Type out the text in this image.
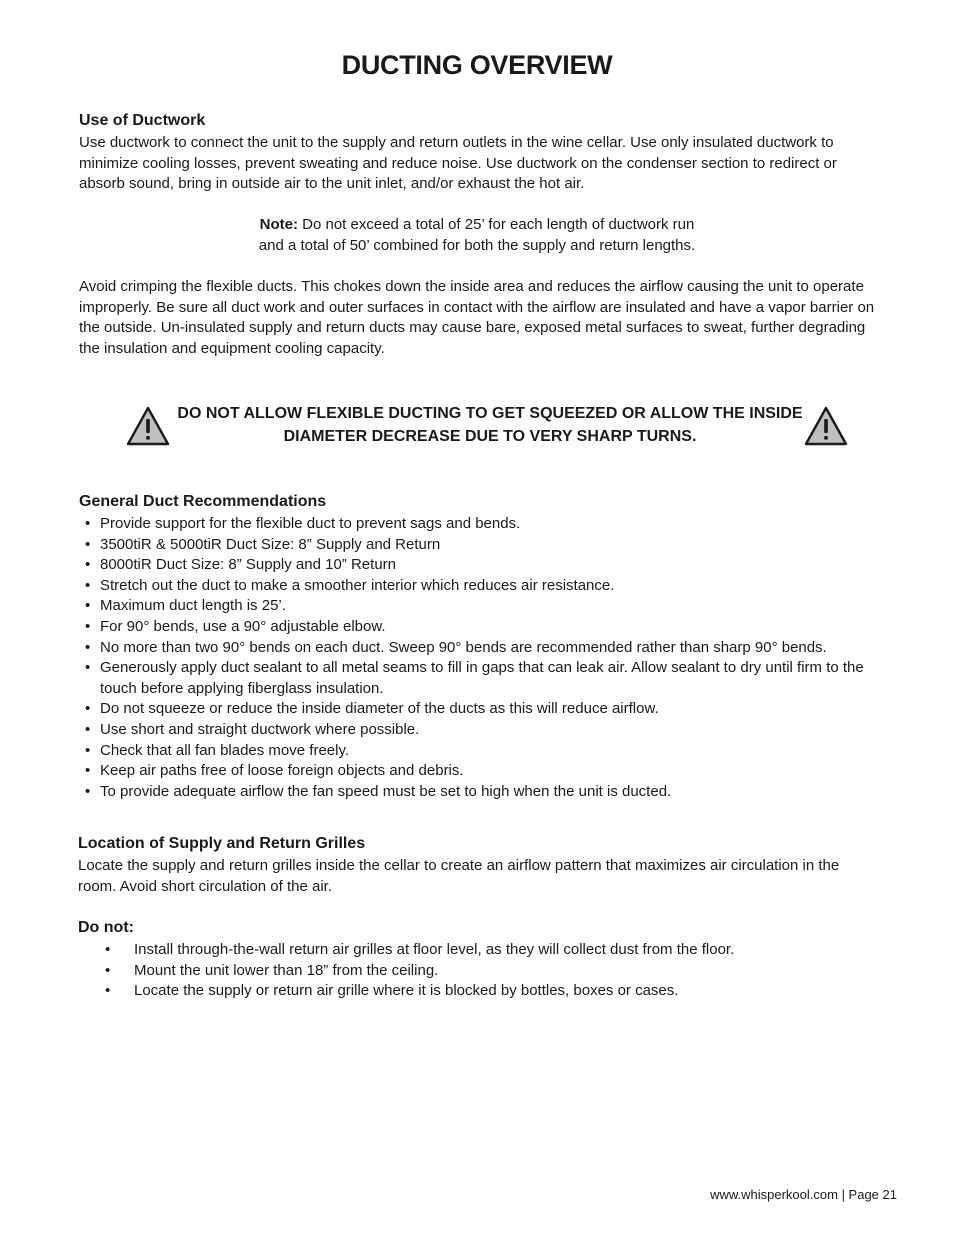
DUCTING OVERVIEW
Use of Ductwork

Use ductwork to connect the unit to the supply and return outlets in the wine cellar. Use only insulated ductwork to minimize cooling losses, prevent sweating and reduce noise. Use ductwork on the condenser section to redirect or absorb sound, bring in outside air to the unit inlet, and/or exhaust the hot air.

Note: Do not exceed a total of 25’ for each length of ductwork run
and a total of 50’ combined for both the supply and return lengths.

Avoid crimping the flexible ducts. This chokes down the inside area and reduces the airflow causing the unit to operate improperly. Be sure all duct work and outer surfaces in contact with the airflow are insulated and have a vapor barrier on the outside. Un-insulated supply and return ducts may cause bare, exposed metal surfaces to sweat, further degrading the insulation and equipment cooling capacity.

DO NOT ALLOW FLEXIBLE DUCTING TO GET SQUEEZED OR ALLOW THE INSIDE
DIAMETER DECREASE DUE TO VERY SHARP TURNS.
General Duct Recommendations
• Provide support for the flexible duct to prevent sags and bends.
• 3500tiR & 5000tiR Duct Size: 8” Supply and Return
• 8000tiR Duct Size: 8” Supply and 10” Return
• Stretch out the duct to make a smoother interior which reduces air resistance.
• Maximum duct length is 25’.
• For 90° bends, use a 90° adjustable elbow.
• No more than two 90° bends on each duct. Sweep 90° bends are recommended rather than sharp 90° bends.
• Generously apply duct sealant to all metal seams to fill in gaps that can leak air. Allow sealant to dry until firm to the touch before applying fiberglass insulation.
• Do not squeeze or reduce the inside diameter of the ducts as this will reduce airflow.
• Use short and straight ductwork where possible.
• Check that all fan blades move freely.
• Keep air paths free of loose foreign objects and debris.
• To provide adequate airflow the fan speed must be set to high when the unit is ducted.
Location of Supply and Return Grilles

Locate the supply and return grilles inside the cellar to create an airflow pattern that maximizes air circulation in the room. Avoid short circulation of the air.

Do not:
• Install through-the-wall return air grilles at floor level, as they will collect dust from the floor.
• Mount the unit lower than 18” from the ceiling.
• Locate the supply or return air grille where it is blocked by bottles, boxes or cases.
www.whisperkool.com | Page 21
